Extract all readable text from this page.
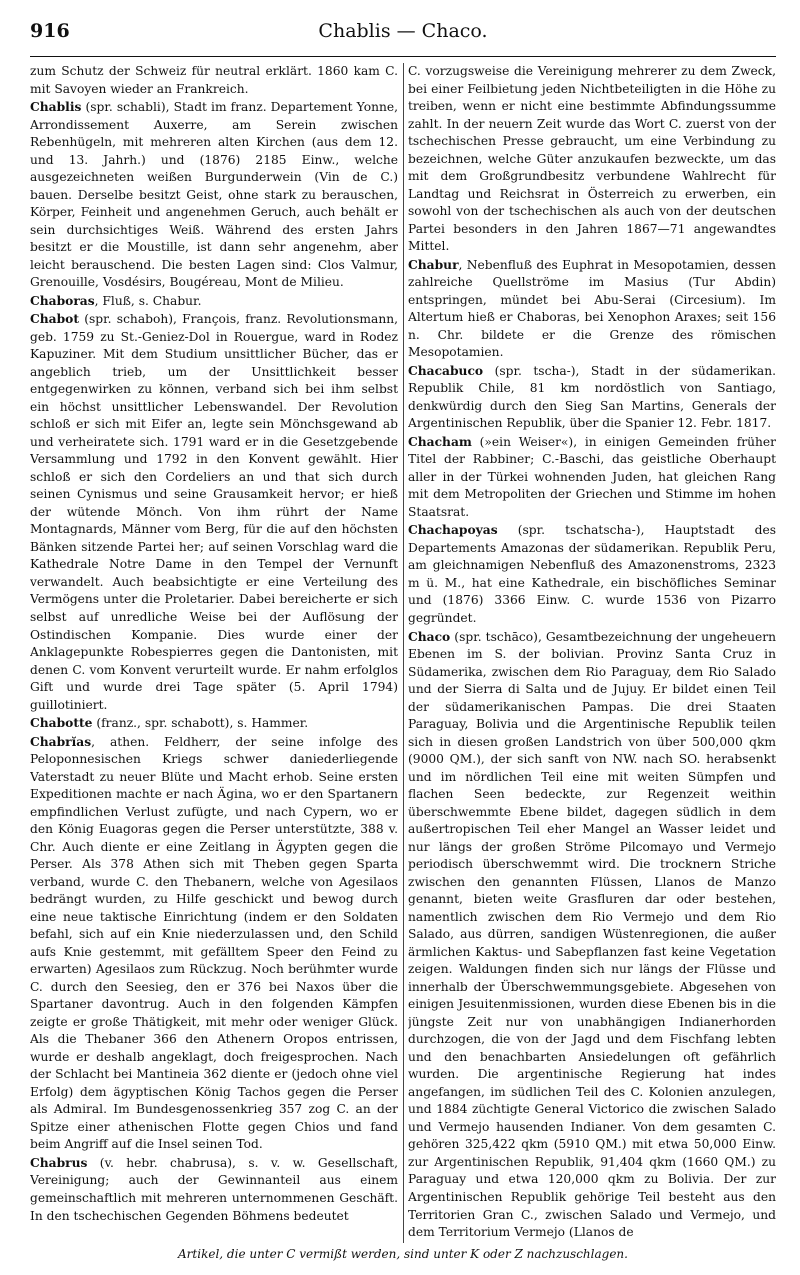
916	Chablis — Chaco.

zum Schutz der Schweiz für neutral erklärt. 1860 kam C. mit Savoyen wieder an Frankreich.

Chablis (spr. schabli), Stadt im franz. Departement Yonne, Arrondissement Auxerre, am Serein zwischen Rebenhügeln, mit mehreren alten Kirchen (aus dem 12. und 13. Jahrh.) und (1876) 2185 Einw., welche ausgezeichneten weißen Burgunderwein (Vin de C.) bauen. Derselbe besitzt Geist, ohne stark zu berauschen, Körper, Feinheit und angenehmen Geruch, auch behält er sein durchsichtiges Weiß. Während des ersten Jahrs besitzt er die Moustille, ist dann sehr angenehm, aber leicht berauschend. Die besten Lagen sind: Clos Valmur, Grenouille, Vosdésirs, Bougéreau, Mont de Milieu.

Chaboras, Fluß, s. Chabur.

Chabot (spr. schaboh), François, franz. Revolutionsmann, geb. 1759 zu St.-Geniez-Dol in Rouergue, ward in Rodez Kapuziner. Mit dem Studium unsittlicher Bücher, das er angeblich trieb, um der Unsittlichkeit besser entgegenwirken zu können, verband sich bei ihm selbst ein höchst unsittlicher Lebenswandel. Der Revolution schloß er sich mit Eifer an, legte sein Mönchsgewand ab und verheiratete sich. 1791 ward er in die Gesetzgebende Versammlung und 1792 in den Konvent gewählt. Hier schloß er sich den Cordeliers an und that sich durch seinen Cynismus und seine Grausamkeit hervor; er hieß der wütende Mönch. Von ihm rührt der Name Montagnards, Männer vom Berg, für die auf den höchsten Bänken sitzende Partei her; auf seinen Vorschlag ward die Kathedrale Notre Dame in den Tempel der Vernunft verwandelt. Auch beabsichtigte er eine Verteilung des Vermögens unter die Proletarier. Dabei bereicherte er sich selbst auf unredliche Weise bei der Auflösung der Ostindischen Kompanie. Dies wurde einer der Anklagepunkte Robespierres gegen die Dantonisten, mit denen C. vom Konvent verurteilt wurde. Er nahm erfolglos Gift und wurde drei Tage später (5. April 1794) guillotiniert.

Chabotte (franz., spr. schabott), s. Hammer.

Chabrĭas, athen. Feldherr, der seine infolge des Peloponnesischen Kriegs schwer daniederliegende Vaterstadt zu neuer Blüte und Macht erhob. Seine ersten Expeditionen machte er nach Ägina, wo er den Spartanern empfindlichen Verlust zufügte, und nach Cypern, wo er den König Euagoras gegen die Perser unterstützte, 388 v. Chr. Auch diente er eine Zeitlang in Ägypten gegen die Perser. Als 378 Athen sich mit Theben gegen Sparta verband, wurde C. den Thebanern, welche von Agesilaos bedrängt wurden, zu Hilfe geschickt und bewog durch eine neue taktische Einrichtung (indem er den Soldaten befahl, sich auf ein Knie niederzulassen und, den Schild aufs Knie gestemmt, mit gefälltem Speer den Feind zu erwarten) Agesilaos zum Rückzug. Noch berühmter wurde C. durch den Seesieg, den er 376 bei Naxos über die Spartaner davontrug. Auch in den folgenden Kämpfen zeigte er große Thätigkeit, mit mehr oder weniger Glück. Als die Thebaner 366 den Athenern Oropos entrissen, wurde er deshalb angeklagt, doch freigesprochen. Nach der Schlacht bei Mantineia 362 diente er (jedoch ohne viel Erfolg) dem ägyptischen König Tachos gegen die Perser als Admiral. Im Bundesgenossenkrieg 357 zog C. an der Spitze einer athenischen Flotte gegen Chios und fand beim Angriff auf die Insel seinen Tod.

Chabrus (v. hebr. chabrusa), s. v. w. Gesellschaft, Vereinigung; auch der Gewinnanteil aus einem gemeinschaftlich mit mehreren unternommenen Geschäft. In den tschechischen Gegenden Böhmens bedeutet

C. vorzugsweise die Vereinigung mehrerer zu dem Zweck, bei einer Feilbietung jeden Nichtbeteiligten in die Höhe zu treiben, wenn er nicht eine bestimmte Abfindungssumme zahlt. In der neuern Zeit wurde das Wort C. zuerst von der tschechischen Presse gebraucht, um eine Verbindung zu bezeichnen, welche Güter anzukaufen bezweckte, um das mit dem Großgrundbesitz verbundene Wahlrecht für Landtag und Reichsrat in Österreich zu erwerben, ein sowohl von der tschechischen als auch von der deutschen Partei besonders in den Jahren 1867—71 angewandtes Mittel.

Chabur, Nebenfluß des Euphrat in Mesopotamien, dessen zahlreiche Quellströme im Masius (Tur Abdin) entspringen, mündet bei Abu-Serai (Circesium). Im Altertum hieß er Chaboras, bei Xenophon Araxes; seit 156 n. Chr. bildete er die Grenze des römischen Mesopotamien.

Chacabuco (spr. tscha-), Stadt in der südamerikan. Republik Chile, 81 km nordöstlich von Santiago, denkwürdig durch den Sieg San Martins, Generals der Argentinischen Republik, über die Spanier 12. Febr. 1817.

Chacham (»ein Weiser«), in einigen Gemeinden früher Titel der Rabbiner; C.-Baschi, das geistliche Oberhaupt aller in der Türkei wohnenden Juden, hat gleichen Rang mit dem Metropoliten der Griechen und Stimme im hohen Staatsrat.

Chachapoyas (spr. tschatscha-), Hauptstadt des Departements Amazonas der südamerikan. Republik Peru, am gleichnamigen Nebenfluß des Amazonenstroms, 2323 m ü. M., hat eine Kathedrale, ein bischöfliches Seminar und (1876) 3366 Einw. C. wurde 1536 von Pizarro gegründet.

Chaco (spr. tschāco), Gesamtbezeichnung der ungeheuern Ebenen im S. der bolivian. Provinz Santa Cruz in Südamerika, zwischen dem Rio Paraguay, dem Rio Salado und der Sierra di Salta und de Jujuy. Er bildet einen Teil der südamerikanischen Pampas. Die drei Staaten Paraguay, Bolivia und die Argentinische Republik teilen sich in diesen großen Landstrich von über 500,000 qkm (9000 QM.), der sich sanft von NW. nach SO. herabsenkt und im nördlichen Teil eine mit weiten Sümpfen und flachen Seen bedeckte, zur Regenzeit weithin überschwemmte Ebene bildet, dagegen südlich in dem außertropischen Teil eher Mangel an Wasser leidet und nur längs der großen Ströme Pilcomayo und Vermejo periodisch überschwemmt wird. Die trocknern Striche zwischen den genannten Flüssen, Llanos de Manzo genannt, bieten weite Grasfluren dar oder bestehen, namentlich zwischen dem Rio Vermejo und dem Rio Salado, aus dürren, sandigen Wüstenregionen, die außer ärmlichen Kaktus- und Sabepflanzen fast keine Vegetation zeigen. Waldungen finden sich nur längs der Flüsse und innerhalb der Überschwemmungsgebiete. Abgesehen von einigen Jesuitenmissionen, wurden diese Ebenen bis in die jüngste Zeit nur von unabhängigen Indianerhorden durchzogen, die von der Jagd und dem Fischfang lebten und den benachbarten Ansiedelungen oft gefährlich wurden. Die argentinische Regierung hat indes angefangen, im südlichen Teil des C. Kolonien anzulegen, und 1884 züchtigte General Victorico die zwischen Salado und Vermejo hausenden Indianer. Von dem gesamten C. gehören 325,422 qkm (5910 QM.) mit etwa 50,000 Einw. zur Argentinischen Republik, 91,404 qkm (1660 QM.) zu Paraguay und etwa 120,000 qkm zu Bolivia. Der zur Argentinischen Republik gehörige Teil besteht aus den Territorien Gran C., zwischen Salado und Vermejo, und dem Territorium Vermejo (Llanos de

Artikel, die unter C vermißt werden, sind unter K oder Z nachzuschlagen.
